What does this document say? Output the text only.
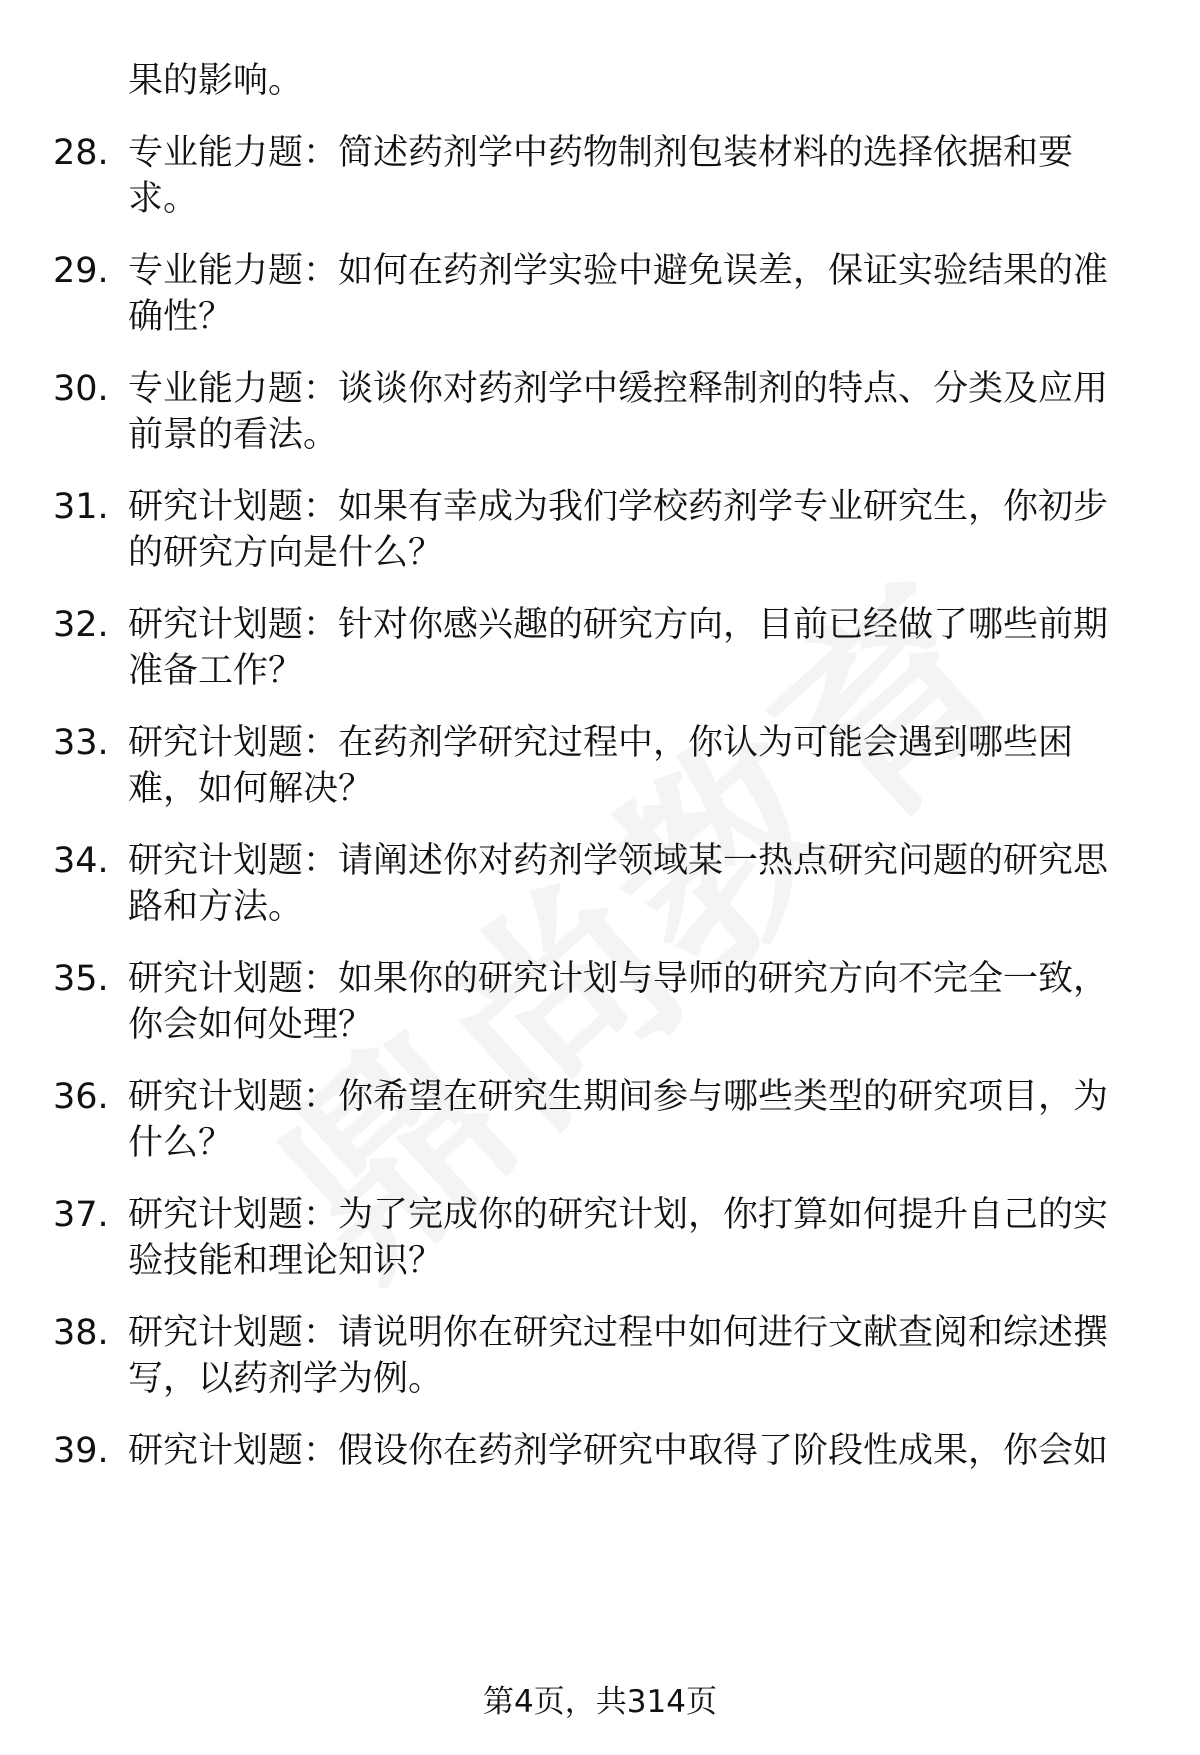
果的影响。
28. 专业能力题：简述药剂学中药物制剂包装材料的选择依据和要
求。
29. 专业能力题：如何在药剂学实验中避免误差，保证实验结果的准
确性？
30. 专业能力题：谈谈你对药剂学中缓控释制剂的特点、分类及应用
前景的看法。
31. 研究计划题：如果有幸成为我们学校药剂学专业研究生，你初步
的研究方向是什么？
32. 研究计划题：针对你感兴趣的研究方向，目前已经做了哪些前期
准备工作？
33. 研究计划题：在药剂学研究过程中，你认为可能会遇到哪些困
难，如何解决？
34. 研究计划题：请阐述你对药剂学领域某一热点研究问题的研究思
路和方法。
35. 研究计划题：如果你的研究计划与导师的研究方向不完全一致，
你会如何处理？
36. 研究计划题：你希望在研究生期间参与哪些类型的研究项目，为
什么？
37. 研究计划题：为了完成你的研究计划，你打算如何提升自己的实
验技能和理论知识？
38. 研究计划题：请说明你在研究过程中如何进行文献查阅和综述撰
写，以药剂学为例。
39. 研究计划题：假设你在药剂学研究中取得了阶段性成果，你会如
第4页，共314页
